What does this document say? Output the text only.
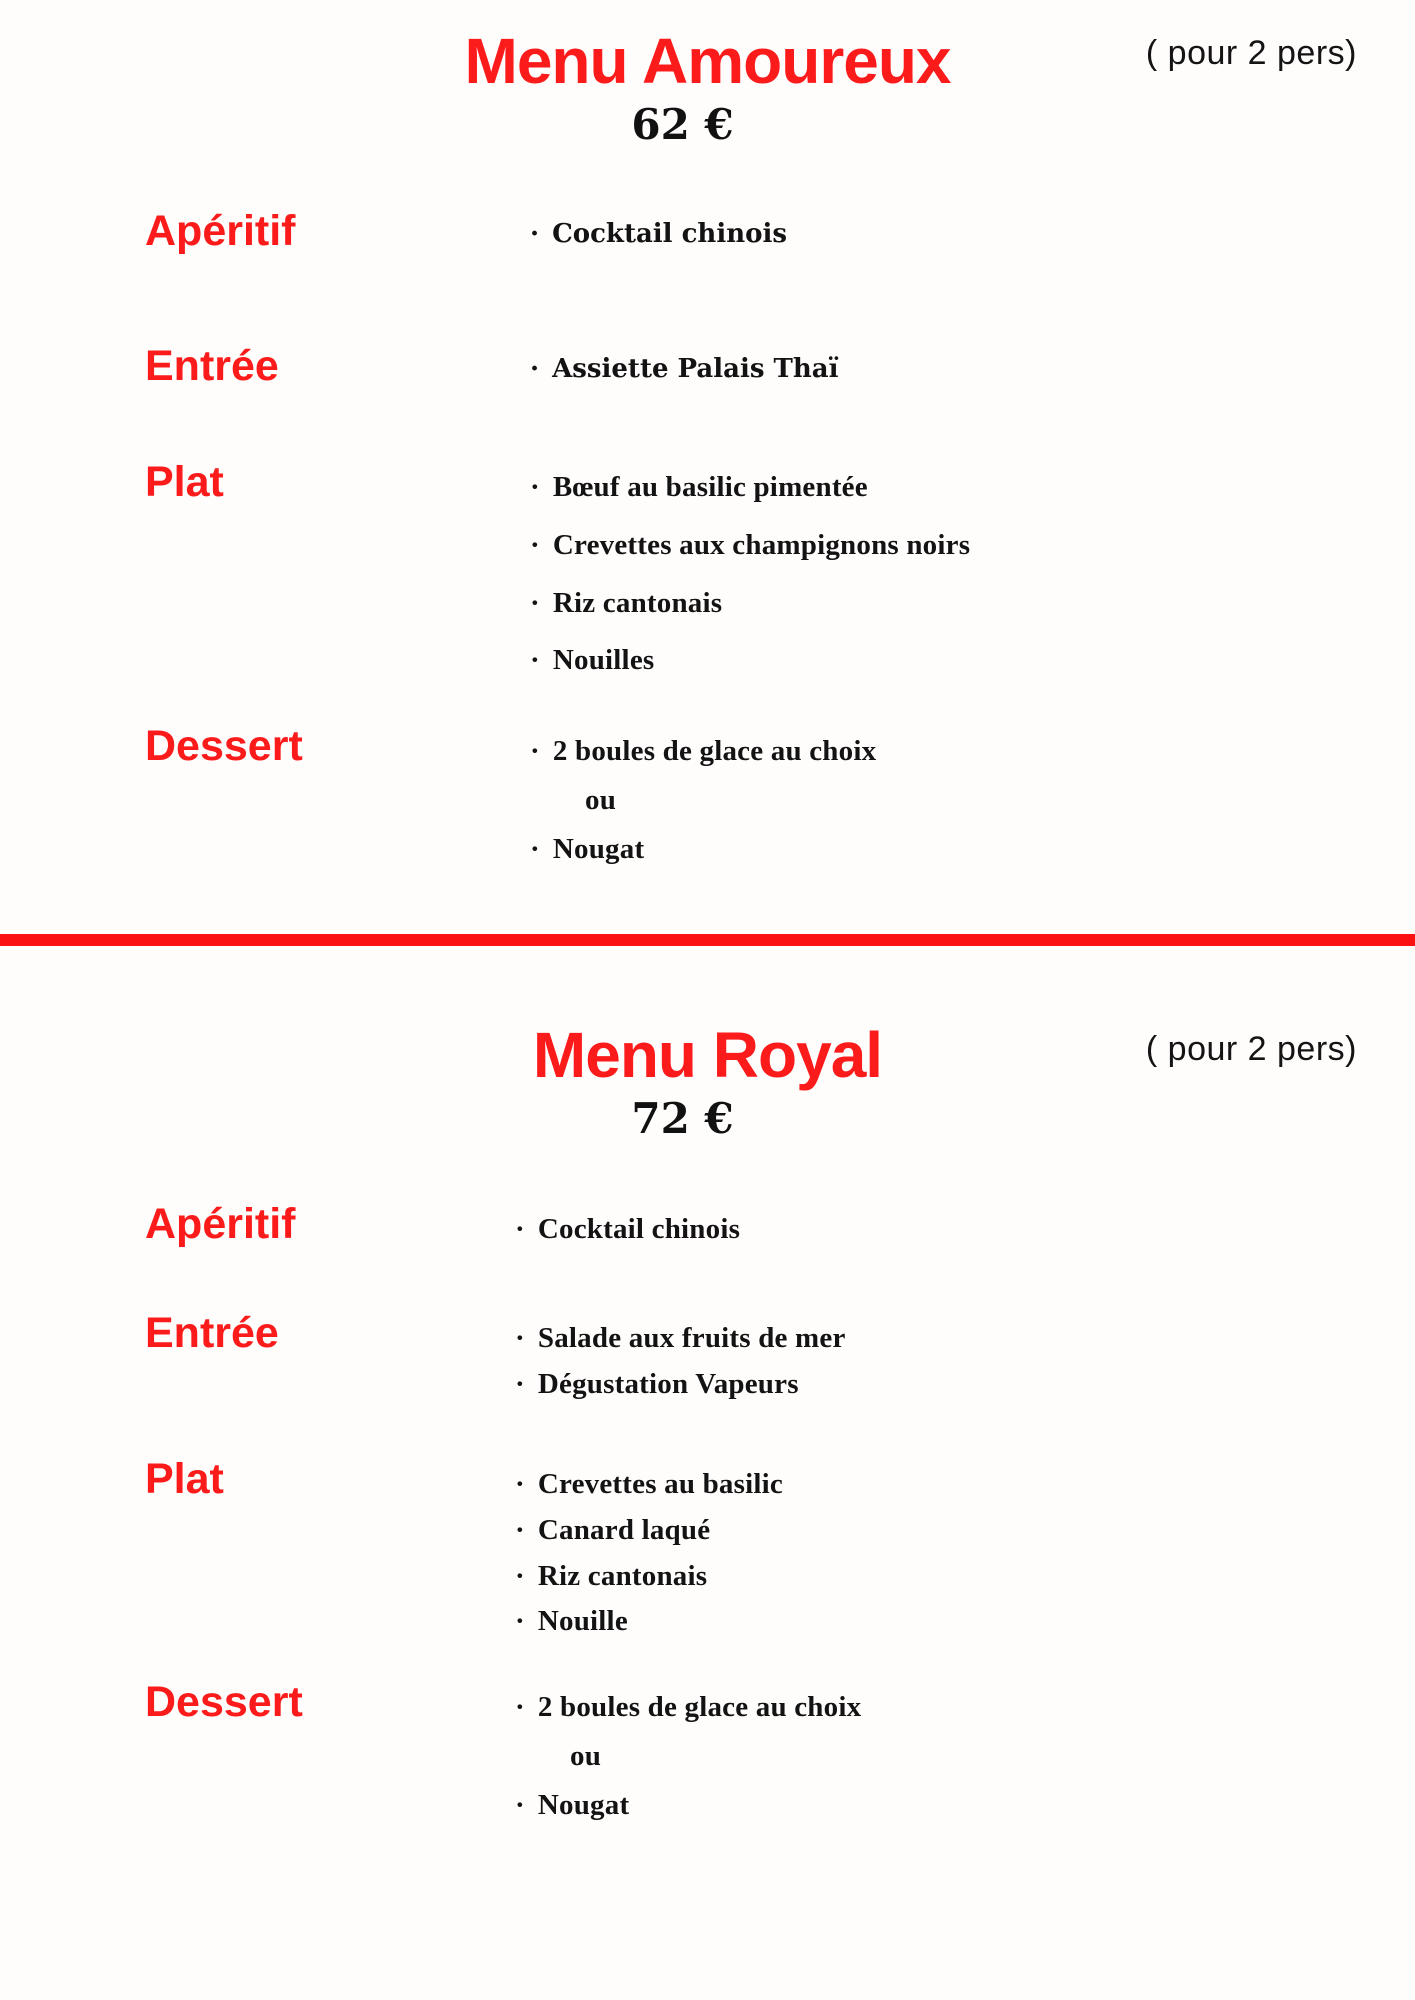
Menu Amoureux	( pour 2 pers)
62 €
Apéritif	· Cocktail chinois
Entrée	· Assiette Palais Thaï
Plat	· Bœuf au basilic pimentée
· Crevettes aux champignons noirs
· Riz cantonais
· Nouilles
Dessert	· 2 boules de glace au choix
ou
· Nougat
Menu Royal	( pour 2 pers)
72 €
Apéritif	· Cocktail chinois
Entrée	· Salade aux fruits de mer
· Dégustation Vapeurs
Plat	· Crevettes au basilic
· Canard laqué
· Riz cantonais
· Nouille
Dessert	· 2 boules de glace au choix
ou
· Nougat
